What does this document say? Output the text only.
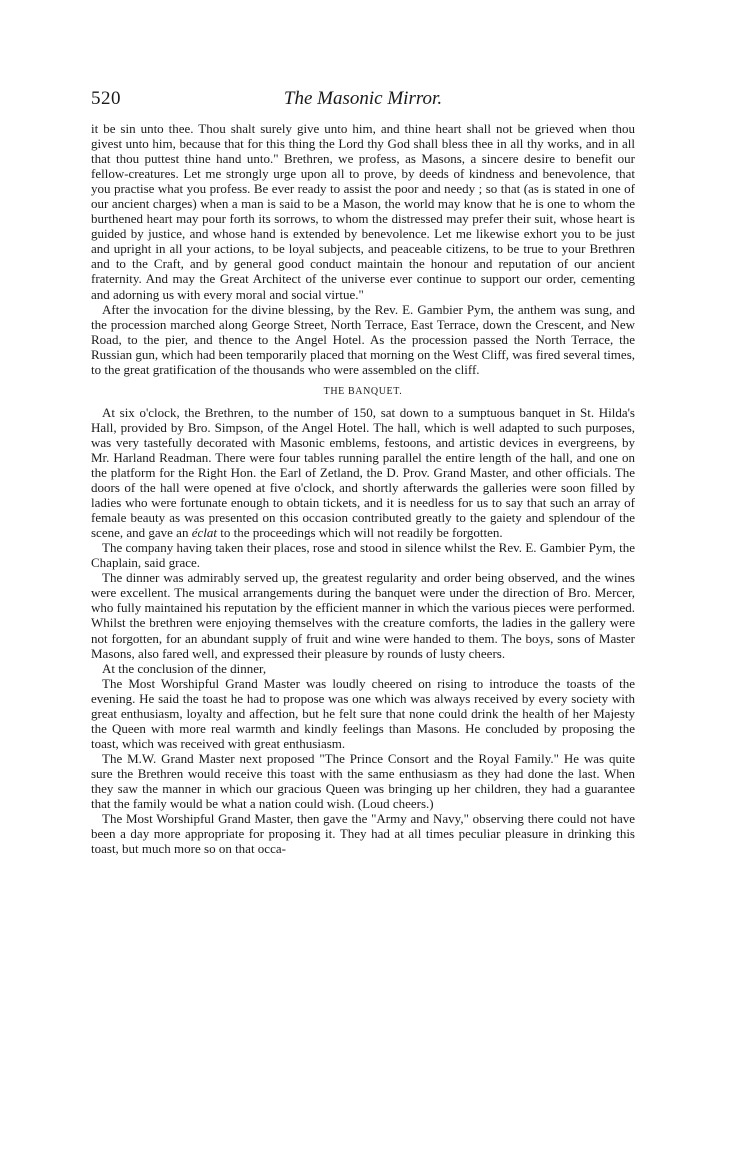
520	The Masonic Mirror.

it be sin unto thee. Thou shalt surely give unto him, and thine heart shall not be grieved when thou givest unto him, because that for this thing the Lord thy God shall bless thee in all thy works, and in all that thou puttest thine hand unto." Brethren, we profess, as Masons, a sincere desire to benefit our fellow-creatures. Let me strongly urge upon all to prove, by deeds of kindness and benevolence, that you practise what you profess. Be ever ready to assist the poor and needy ; so that (as is stated in one of our ancient charges) when a man is said to be a Mason, the world may know that he is one to whom the burthened heart may pour forth its sorrows, to whom the distressed may prefer their suit, whose heart is guided by justice, and whose hand is extended by benevolence. Let me likewise exhort you to be just and upright in all your actions, to be loyal subjects, and peaceable citizens, to be true to your Brethren and to the Craft, and by general good conduct maintain the honour and reputation of our ancient fraternity. And may the Great Architect of the universe ever continue to support our order, cementing and adorning us with every moral and social virtue."

After the invocation for the divine blessing, by the Rev. E. Gambier Pym, the anthem was sung, and the procession marched along George Street, North Terrace, East Terrace, down the Crescent, and New Road, to the pier, and thence to the Angel Hotel. As the procession passed the North Terrace, the Russian gun, which had been temporarily placed that morning on the West Cliff, was fired several times, to the great gratification of the thousands who were assembled on the cliff.

THE BANQUET.

At six o'clock, the Brethren, to the number of 150, sat down to a sumptuous banquet in St. Hilda's Hall, provided by Bro. Simpson, of the Angel Hotel. The hall, which is well adapted to such purposes, was very tastefully decorated with Masonic emblems, festoons, and artistic devices in evergreens, by Mr. Harland Readman. There were four tables running parallel the entire length of the hall, and one on the platform for the Right Hon. the Earl of Zetland, the D. Prov. Grand Master, and other officials. The doors of the hall were opened at five o'clock, and shortly afterwards the galleries were soon filled by ladies who were fortunate enough to obtain tickets, and it is needless for us to say that such an array of female beauty as was presented on this occasion contributed greatly to the gaiety and splendour of the scene, and gave an éclat to the proceedings which will not readily be forgotten.

The company having taken their places, rose and stood in silence whilst the Rev. E. Gambier Pym, the Chaplain, said grace.

The dinner was admirably served up, the greatest regularity and order being observed, and the wines were excellent. The musical arrangements during the banquet were under the direction of Bro. Mercer, who fully maintained his reputation by the efficient manner in which the various pieces were performed. Whilst the brethren were enjoying themselves with the creature comforts, the ladies in the gallery were not forgotten, for an abundant supply of fruit and wine were handed to them. The boys, sons of Master Masons, also fared well, and expressed their pleasure by rounds of lusty cheers.

At the conclusion of the dinner,

The Most Worshipful Grand Master was loudly cheered on rising to introduce the toasts of the evening. He said the toast he had to propose was one which was always received by every society with great enthusiasm, loyalty and affection, but he felt sure that none could drink the health of her Majesty the Queen with more real warmth and kindly feelings than Masons. He concluded by proposing the toast, which was received with great enthusiasm.

The M.W. Grand Master next proposed "The Prince Consort and the Royal Family." He was quite sure the Brethren would receive this toast with the same enthusiasm as they had done the last. When they saw the manner in which our gracious Queen was bringing up her children, they had a guarantee that the family would be what a nation could wish. (Loud cheers.)

The Most Worshipful Grand Master, then gave the "Army and Navy," observing there could not have been a day more appropriate for proposing it. They had at all times peculiar pleasure in drinking this toast, but much more so on that occa-
